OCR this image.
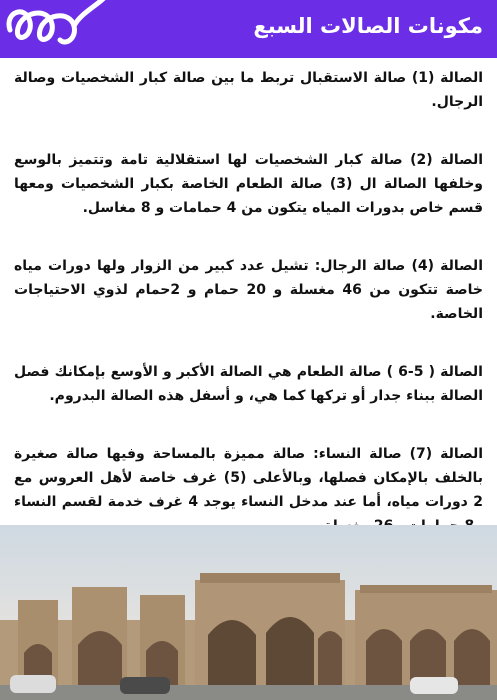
مكونات الصالات السبع

الصالة (1) صالة الاستقبال تربط ما بين صالة كبار الشخصيات وصالة الرجال.

الصالة (2) صالة كبار الشخصيات لها استقلالية تامة وتتميز بالوسع وخلفها الصالة ال (3) صالة الطعام الخاصة بكبار الشخصيات ومعها قسم خاص بدورات المياه يتكون من 4 حمامات و 8 مغاسل.

الصالة (4) صالة الرجال: تشيل عدد كبير من الزوار ولها دورات مياه خاصة تتكون من 46 مغسلة و 20 حمام و 2حمام لذوي الاحتياجات الخاصة.

الصالة ( 5-6 ) صالة الطعام هي الصالة الأكبر و الأوسع بإمكانك فصل الصالة ببناء جدار أو تركها كما هي، و أسفل هذه الصالة البدروم.

الصالة (7) صالة النساء: صالة مميزة بالمساحة وفيها صالة صغيرة بالخلف بالإمكان فصلها، وبالأعلى (5) غرف خاصة لأهل العروس مع 2 دورات مياه، أما عند مدخل النساء يوجد 4 غرف خدمة لقسم النساء
